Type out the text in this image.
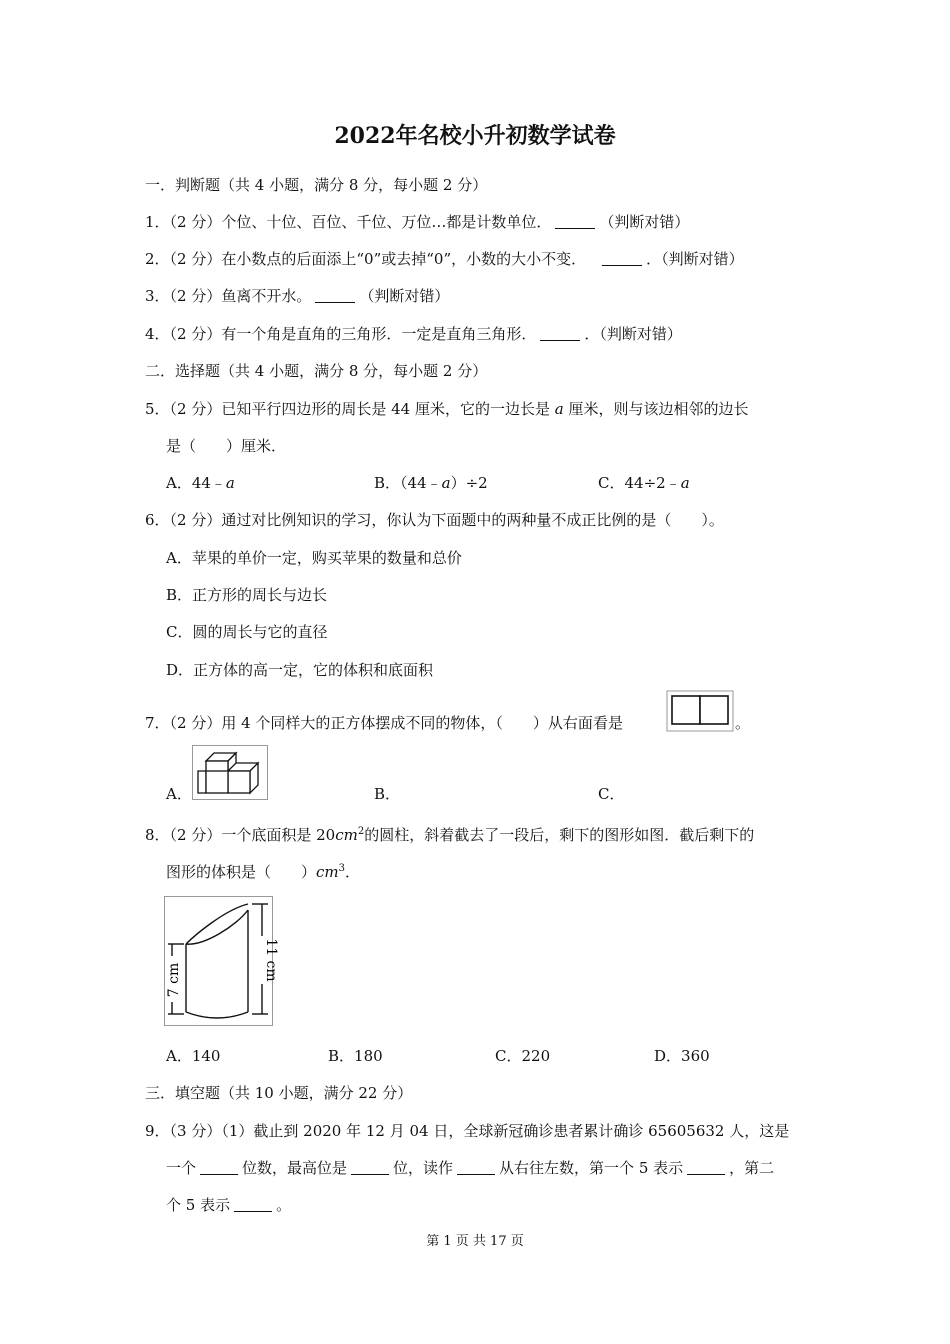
2022年名校小升初数学试卷
一．判断题（共 4 小题，满分 8 分，每小题 2 分）
1．（2 分）个位、十位、百位、千位、万位…都是计数单位．	（判断对错）
2．（2 分）在小数点的后面添上“0”或去掉“0”，小数的大小不变．	．（判断对错）
3．（2 分）鱼离不开水。	（判断对错）
4．（2 分）有一个角是直角的三角形．一定是直角三角形．	．（判断对错）
二．选择题（共 4 小题，满分 8 分，每小题 2 分）
5．（2 分）已知平行四边形的周长是 44 厘米，它的一边长是 a 厘米，则与该边相邻的边长
是（　　）厘米．
A．44﹣a	B．（44﹣a）÷2	C．44÷2﹣a
6．（2 分）通过对比例知识的学习，你认为下面题中的两种量不成正比例的是（　　）。
A．苹果的单价一定，购买苹果的数量和总价
B．正方形的周长与边长
C．圆的周长与它的直径
D．正方体的高一定，它的体积和底面积
7．（2 分）用 4 个同样大的正方体摆成不同的物体，（　　）从右面看是	。
A．	B．	C．
8．（2 分）一个底面积是 $20cm^2$的圆柱，斜着截去了一段后，剩下的图形如图．截后剩下的
图形的体积是（　　）$cm^3$．
7 cm	11 cm
A．140	B．180	C．220	D．360
三．填空题（共 10 小题，满分 22 分）
9．（3 分）（1）截止到 2020 年 12 月 04 日，全球新冠确诊患者累计确诊 65605632 人，这是
一个	位数，最高位是	位，读作	从右往左数，第一个 5 表示	，第二
个 5 表示	。
第 1 页 共 17 页
